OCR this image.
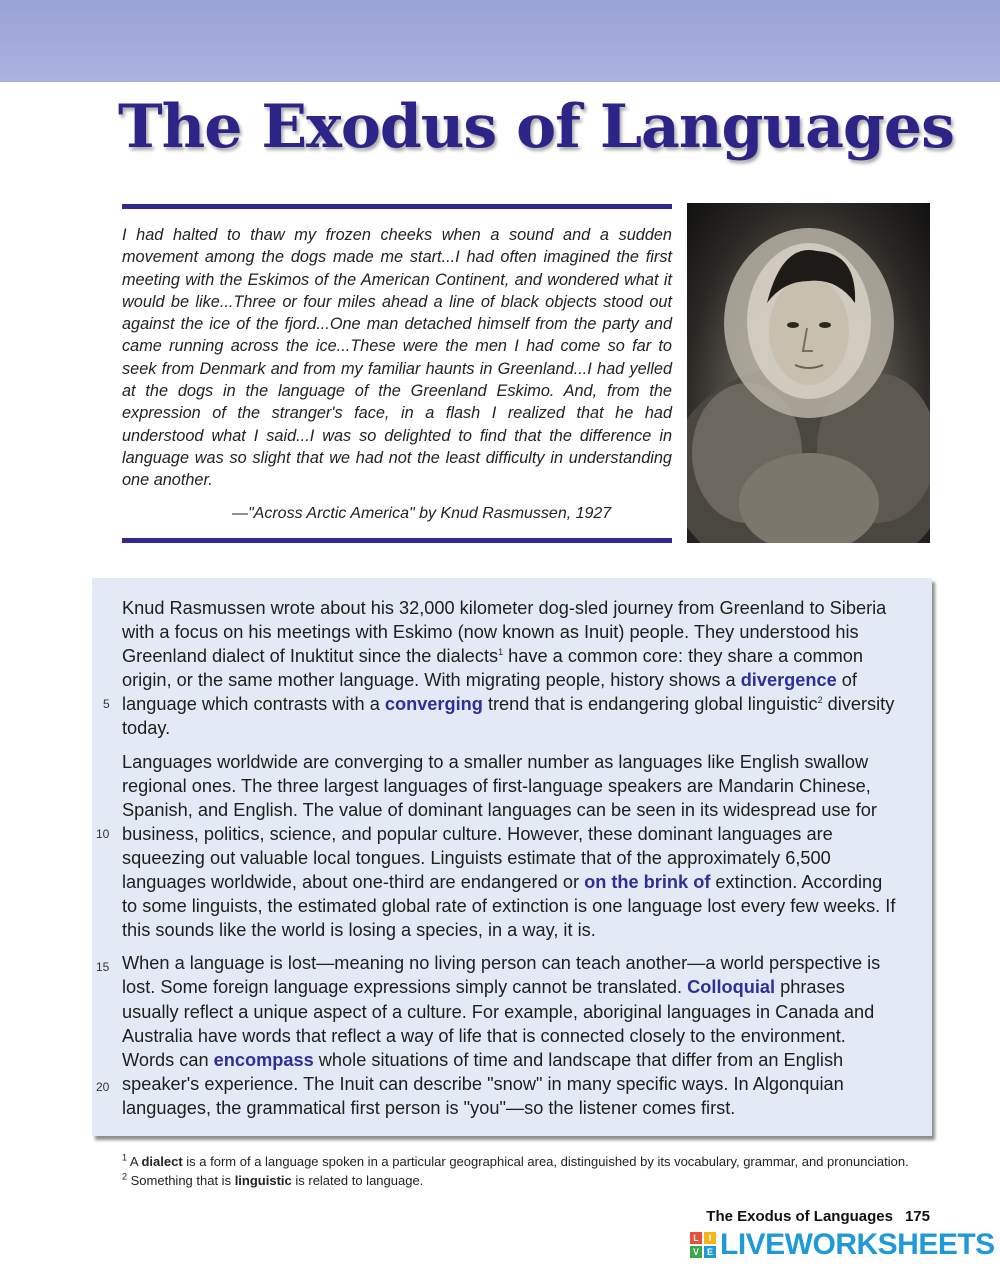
The Exodus of Languages

I had halted to thaw my frozen cheeks when a sound and a sudden movement among the dogs made me start...I had often imagined the first meeting with the Eskimos of the American Continent, and wondered what it would be like...Three or four miles ahead a line of black objects stood out against the ice of the fjord...One man detached himself from the party and came running across the ice...These were the men I had come so far to seek from Denmark and from my familiar haunts in Greenland...I had yelled at the dogs in the language of the Greenland Eskimo. And, from the expression of the stranger's face, in a flash I realized that he had understood what I said...I was so delighted to find that the difference in language was so slight that we had not the least difficulty in understanding one another.

—"Across Arctic America" by Knud Rasmussen, 1927

Knud Rasmussen wrote about his 32,000 kilometer dog-sled journey from Greenland to Siberia with a focus on his meetings with Eskimo (now known as Inuit) people. They understood his Greenland dialect of Inuktitut since the dialects$^1$ have a common core: they share a common origin, or the same mother language. With migrating people, history shows a divergence of language which contrasts with a converging trend that is endangering global linguistic$^2$ diversity today.

Languages worldwide are converging to a smaller number as languages like English swallow regional ones. The three largest languages of first-language speakers are Mandarin Chinese, Spanish, and English. The value of dominant languages can be seen in its widespread use for business, politics, science, and popular culture. However, these dominant languages are squeezing out valuable local tongues. Linguists estimate that of the approximately 6,500 languages worldwide, about one-third are endangered or on the brink of extinction. According to some linguists, the estimated global rate of extinction is one language lost every few weeks. If this sounds like the world is losing a species, in a way, it is.

When a language is lost—meaning no living person can teach another—a world perspective is lost. Some foreign language expressions simply cannot be translated. Colloquial phrases usually reflect a unique aspect of a culture. For example, aboriginal languages in Canada and Australia have words that reflect a way of life that is connected closely to the environment. Words can encompass whole situations of time and landscape that differ from an English speaker's experience. The Inuit can describe "snow" in many specific ways. In Algonquian languages, the grammatical first person is "you"—so the listener comes first.

5
10
15
20

$^1$ A dialect is a form of a language spoken in a particular geographical area, distinguished by its vocabulary, grammar, and pronunciation.

$^2$ Something that is linguistic is related to language.

The Exodus of Languages 175
L	I
V E LIVEWORKSHEETS
